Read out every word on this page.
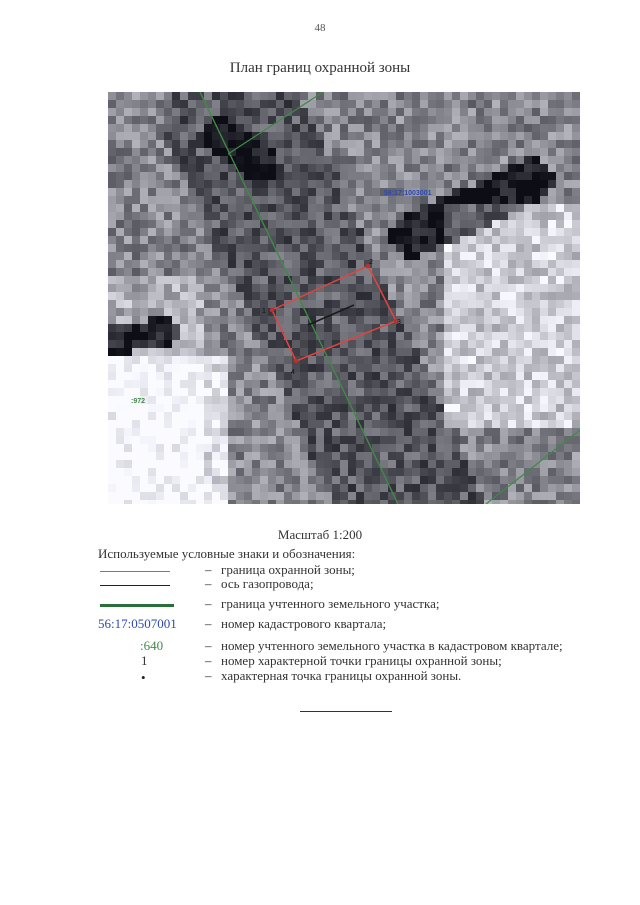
48
План границ охранной зоны
1
2
3
4
56:17:1003001
:972
Масштаб 1:200
Используемые условные знаки и обозначения:
– граница охранной зоны;
– ось газопровода;
– граница учтенного земельного участка;
56:17:0507001 – номер кадастрового квартала;
:640	– номер учтенного земельного участка в кадастровом квартале;
1	– номер характерной точки границы охранной зоны;
•	– характерная точка границы охранной зоны.
